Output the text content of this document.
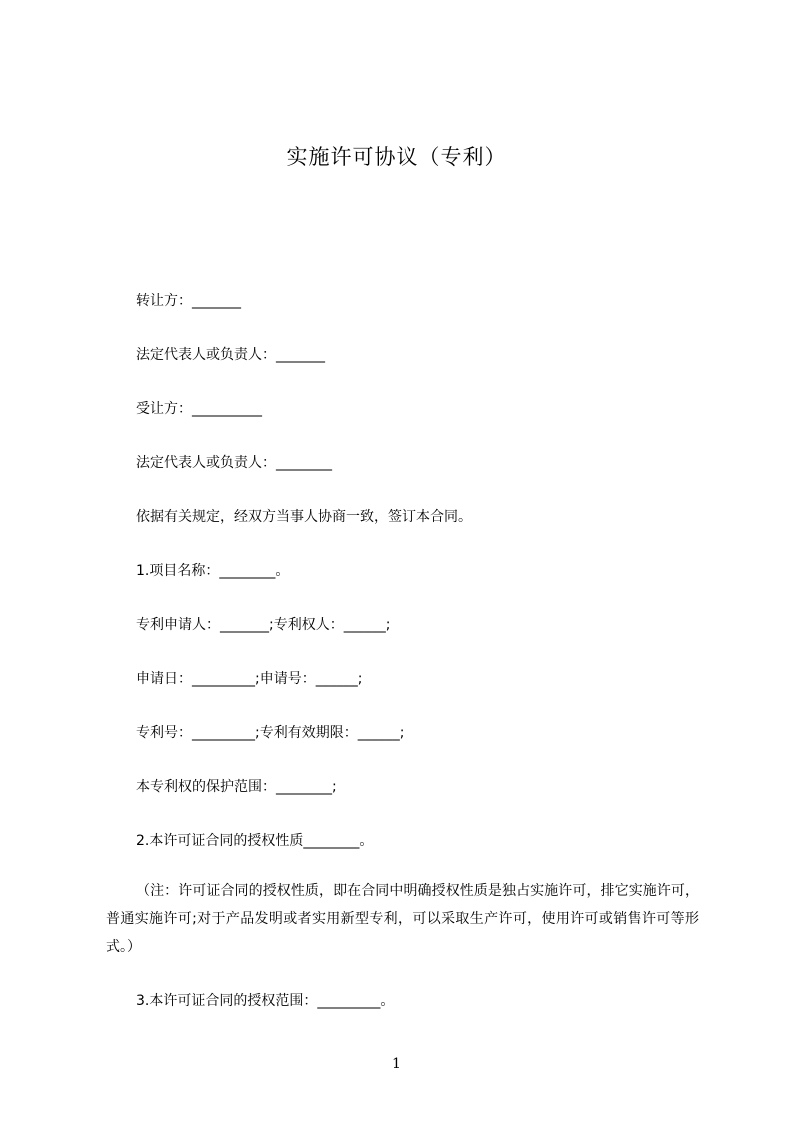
实施许可协议（专利）
转让方：_______
法定代表人或负责人：_______
受让方：__________
法定代表人或负责人：________
依据有关规定，经双方当事人协商一致，签订本合同。
1.项目名称：________。
专利申请人：_______;专利权人：______;
申请日：_________;申请号：______;
专利号：_________;专利有效期限：______;
本专利权的保护范围：________;
2.本许可证合同的授权性质________。
（注：许可证合同的授权性质，即在合同中明确授权性质是独占实施许可，排它实施许可，普通实施许可;对于产品发明或者实用新型专利，可以采取生产许可，使用许可或销售许可等形式。）
3.本许可证合同的授权范围：_________。
1
